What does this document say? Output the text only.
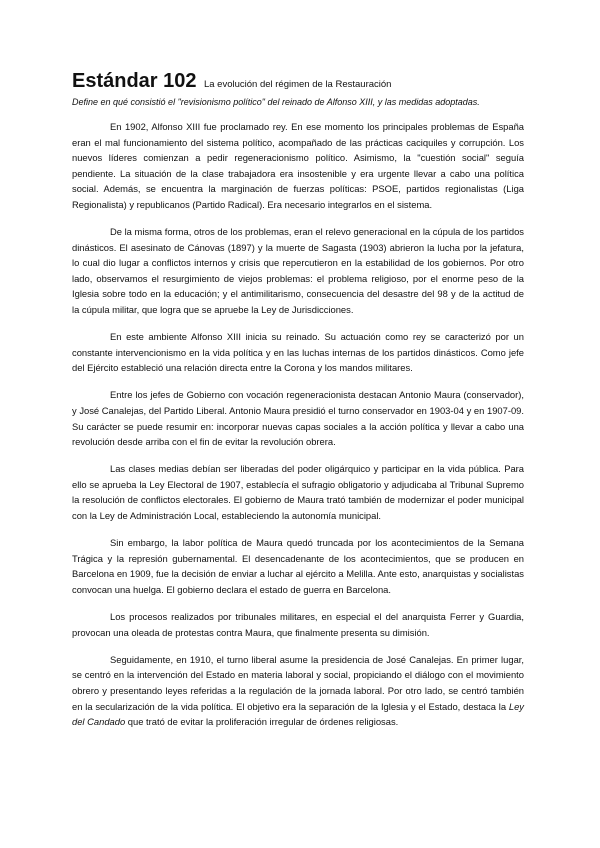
Estándar 102 La evolución del régimen de la Restauración
Define en qué consistió el "revisionismo político" del reinado de Alfonso XIII, y las medidas adoptadas.

En 1902, Alfonso XIII fue proclamado rey. En ese momento los principales problemas de España eran el mal funcionamiento del sistema político, acompañado de las prácticas caciquiles y corrupción. Los nuevos líderes comienzan a pedir regeneracionismo político. Asimismo, la "cuestión social" seguía pendiente. La situación de la clase trabajadora era insostenible y era urgente llevar a cabo una política social. Además, se encuentra la marginación de fuerzas políticas: PSOE, partidos regionalistas (Liga Regionalista) y republicanos (Partido Radical). Era necesario integrarlos en el sistema.

De la misma forma, otros de los problemas, eran el relevo generacional en la cúpula de los partidos dinásticos. El asesinato de Cánovas (1897) y la muerte de Sagasta (1903) abrieron la lucha por la jefatura, lo cual dio lugar a conflictos internos y crisis que repercutieron en la estabilidad de los gobiernos. Por otro lado, observamos el resurgimiento de viejos problemas: el problema religioso, por el enorme peso de la Iglesia sobre todo en la educación; y el antimilitarismo, consecuencia del desastre del 98 y de la actitud de la cúpula militar, que logra que se apruebe la Ley de Jurisdicciones.

En este ambiente Alfonso XIII inicia su reinado. Su actuación como rey se caracterizó por un constante intervencionismo en la vida política y en las luchas internas de los partidos dinásticos. Como jefe del Ejército estableció una relación directa entre la Corona y los mandos militares.

Entre los jefes de Gobierno con vocación regeneracionista destacan Antonio Maura (conservador), y José Canalejas, del Partido Liberal. Antonio Maura presidió el turno conservador en 1903-04 y en 1907-09. Su carácter se puede resumir en: incorporar nuevas capas sociales a la acción política y llevar a cabo una revolución desde arriba con el fin de evitar la revolución obrera.

Las clases medias debían ser liberadas del poder oligárquico y participar en la vida pública. Para ello se aprueba la Ley Electoral de 1907, establecía el sufragio obligatorio y adjudicaba al Tribunal Supremo la resolución de conflictos electorales. El gobierno de Maura trató también de modernizar el poder municipal con la Ley de Administración Local, estableciendo la autonomía municipal.

Sin embargo, la labor política de Maura quedó truncada por los acontecimientos de la Semana Trágica y la represión gubernamental. El desencadenante de los acontecimientos, que se producen en Barcelona en 1909, fue la decisión de enviar a luchar al ejército a Melilla. Ante esto, anarquistas y socialistas convocan una huelga. El gobierno declara el estado de guerra en Barcelona.

Los procesos realizados por tribunales militares, en especial el del anarquista Ferrer y Guardia, provocan una oleada de protestas contra Maura, que finalmente presenta su dimisión.

Seguidamente, en 1910, el turno liberal asume la presidencia de José Canalejas. En primer lugar, se centró en la intervención del Estado en materia laboral y social, propiciando el diálogo con el movimiento obrero y presentando leyes referidas a la regulación de la jornada laboral. Por otro lado, se centró también en la secularización de la vida política. El objetivo era la separación de la Iglesia y el Estado, destaca la Ley del Candado que trató de evitar la proliferación irregular de órdenes religiosas.
